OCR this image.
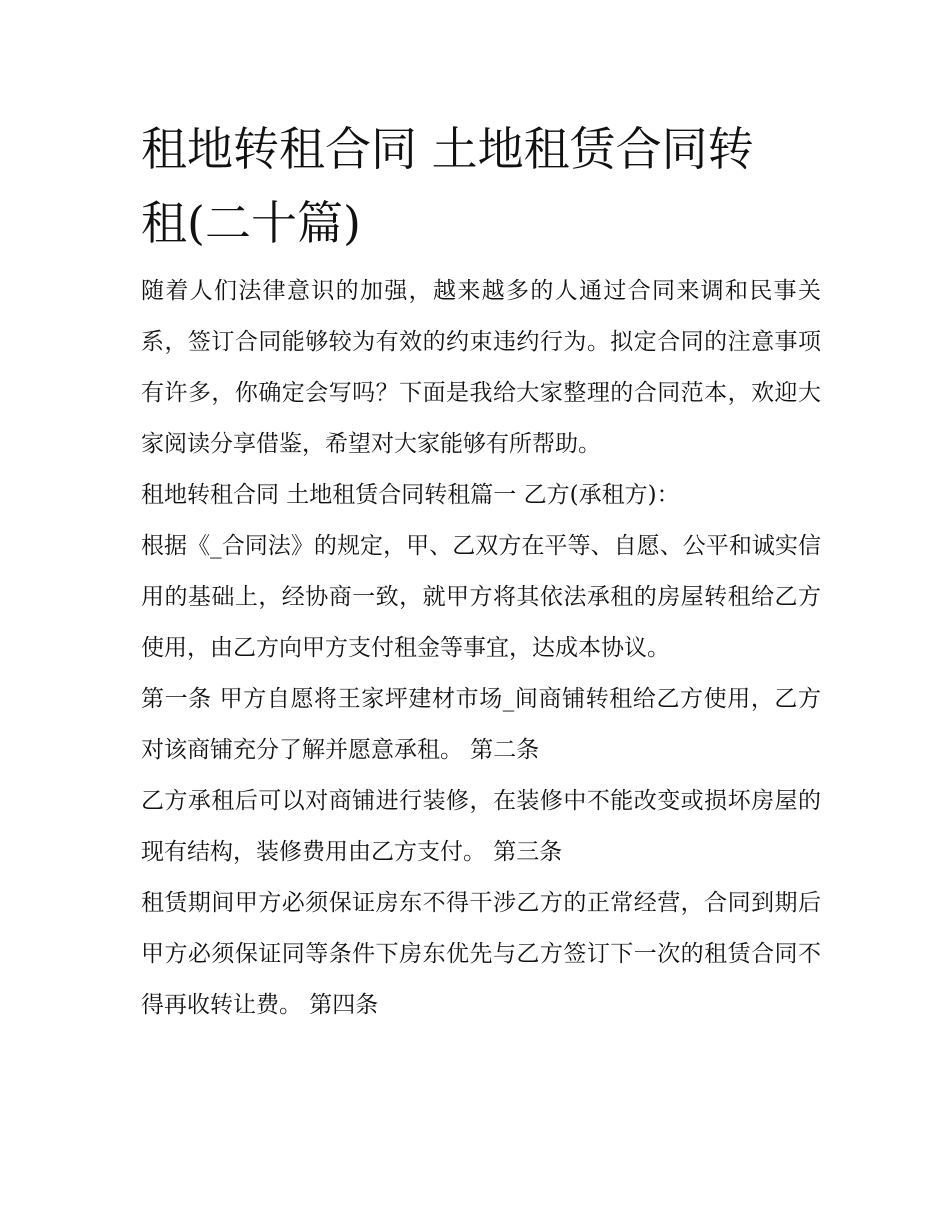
租地转租合同 土地租赁合同转
租(二十篇)

随着人们法律意识的加强，越来越多的人通过合同来调和民事关系，签订合同能够较为有效的约束违约行为。拟定合同的注意事项有许多，你确定会写吗？下面是我给大家整理的合同范本，欢迎大家阅读分享借鉴，希望对大家能够有所帮助。

租地转租合同 土地租赁合同转租篇一 乙方(承租方)：

根据《_合同法》的规定，甲、乙双方在平等、自愿、公平和诚实信用的基础上，经协商一致，就甲方将其依法承租的房屋转租给乙方使用，由乙方向甲方支付租金等事宜，达成本协议。

第一条 甲方自愿将王家坪建材市场_间商铺转租给乙方使用，乙方对该商铺充分了解并愿意承租。 第二条

乙方承租后可以对商铺进行装修，在装修中不能改变或损坏房屋的现有结构，装修费用由乙方支付。 第三条

租赁期间甲方必须保证房东不得干涉乙方的正常经营，合同到期后甲方必须保证同等条件下房东优先与乙方签订下一次的租赁合同不得再收转让费。 第四条
